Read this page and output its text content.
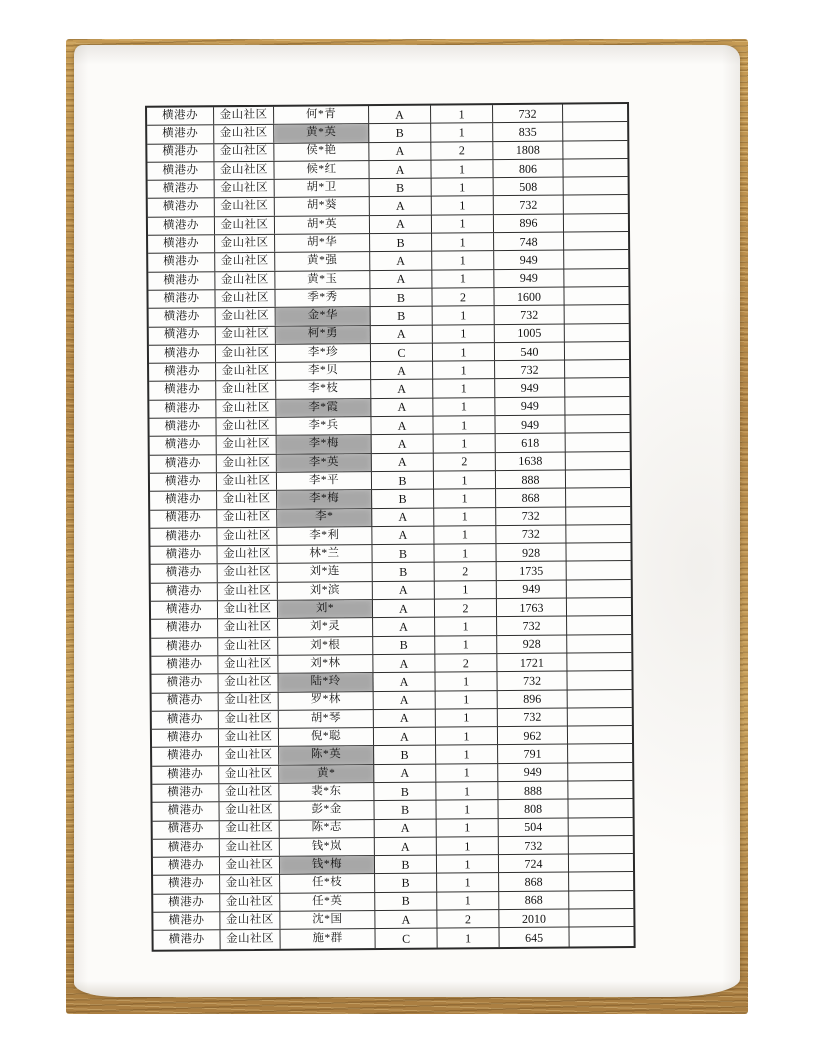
横港办	金山社区	何*青	A	1	732
横港办	金山社区	黄*英	B	1	835
横港办	金山社区	侯*艳	A	2	1808
横港办	金山社区	候*红	A	1	806
横港办	金山社区	胡*卫	B	1	508
横港办	金山社区	胡*葵	A	1	732
横港办	金山社区	胡*英	A	1	896
横港办	金山社区	胡*华	B	1	748
横港办	金山社区	黄*强	A	1	949
横港办	金山社区	黄*玉	A	1	949
横港办	金山社区	季*秀	B	2	1600
横港办	金山社区	金*华	B	1	732
横港办	金山社区	柯*勇	A	1	1005
横港办	金山社区	李*珍	C	1	540
横港办	金山社区	李*贝	A	1	732
横港办	金山社区	李*枝	A	1	949
横港办	金山社区	李*霞	A	1	949
横港办	金山社区	李*兵	A	1	949
横港办	金山社区	李*梅	A	1	618
横港办	金山社区	李*英	A	2	1638
横港办	金山社区	李*平	B	1	888
横港办	金山社区	李*梅	B	1	868
横港办	金山社区	李*	A	1	732
横港办	金山社区	李*利	A	1	732
横港办	金山社区	林*兰	B	1	928
横港办	金山社区	刘*连	B	2	1735
横港办	金山社区	刘*滨	A	1	949
横港办	金山社区	刘*	A	2	1763
横港办	金山社区	刘*灵	A	1	732
横港办	金山社区	刘*根	B	1	928
横港办	金山社区	刘*林	A	2	1721
横港办	金山社区	陆*玲	A	1	732
横港办	金山社区	罗*林	A	1	896
横港办	金山社区	胡*琴	A	1	732
横港办	金山社区	倪*聪	A	1	962
横港办	金山社区	陈*英	B	1	791
横港办	金山社区	黄*	A	1	949
横港办	金山社区	裴*东	B	1	888
横港办	金山社区	彭*金	B	1	808
横港办	金山社区	陈*志	A	1	504
横港办	金山社区	钱*岚	A	1	732
横港办	金山社区	钱*梅	B	1	724
横港办	金山社区	任*枝	B	1	868
横港办	金山社区	任*英	B	1	868
横港办	金山社区	沈*国	A	2	2010
横港办	金山社区	施*群	C	1	645
